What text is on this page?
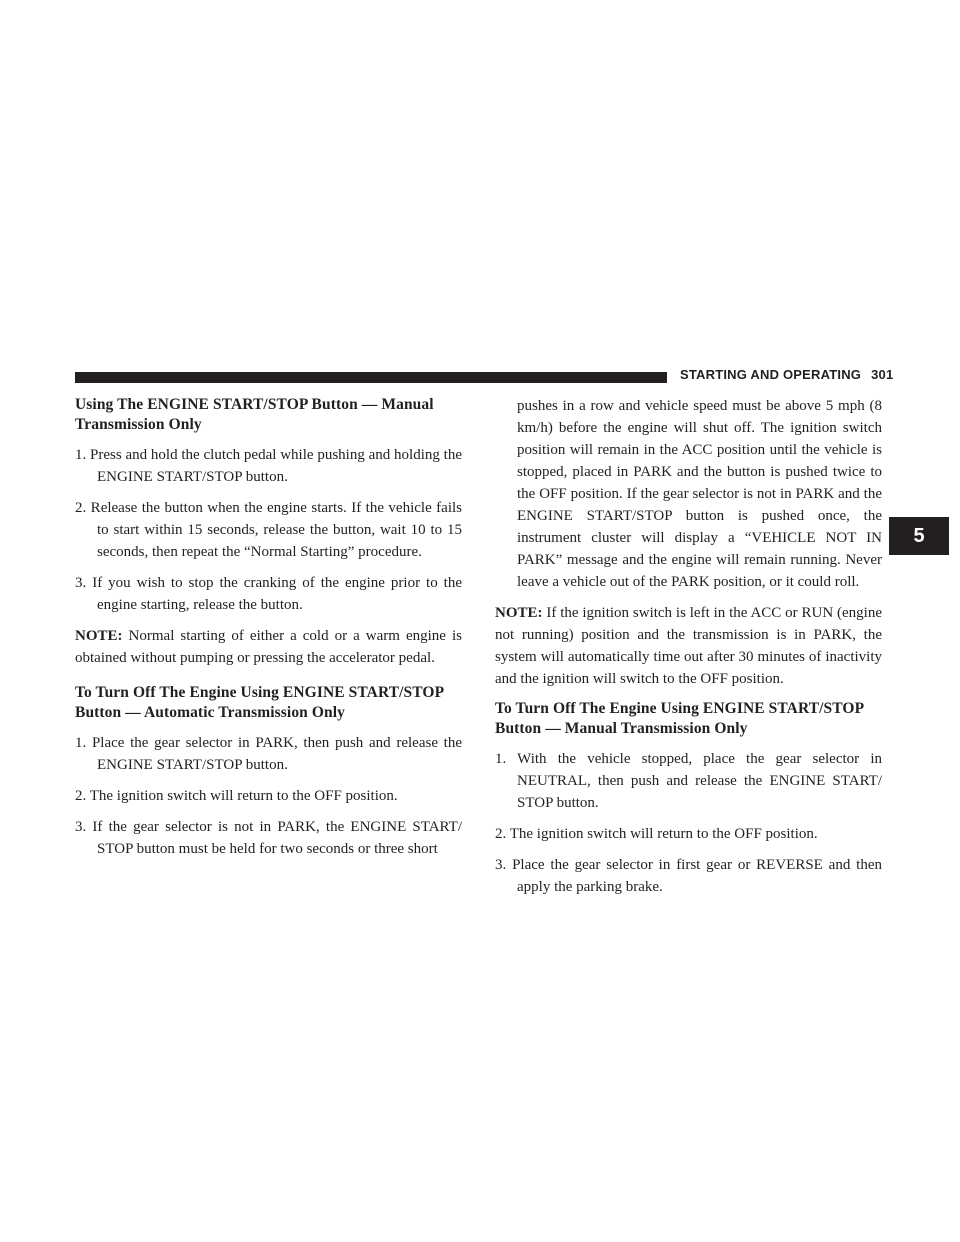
STARTING AND OPERATING 301
5
Using The ENGINE START/STOP Button — Manual Transmission Only

1. Press and hold the clutch pedal while pushing and holding the ENGINE START/STOP button.

2. Release the button when the engine starts. If the vehicle fails to start within 15 seconds, release the button, wait 10 to 15 seconds, then repeat the “Normal Starting” procedure.

3. If you wish to stop the cranking of the engine prior to the engine starting, release the button.

NOTE: Normal starting of either a cold or a warm engine is obtained without pumping or pressing the accelerator pedal.

To Turn Off The Engine Using ENGINE START/STOP Button — Automatic Transmission Only

1. Place the gear selector in PARK, then push and release the ENGINE START/STOP button.

2. The ignition switch will return to the OFF position.

3. If the gear selector is not in PARK, the ENGINE START/ STOP button must be held for two seconds or three short

pushes in a row and vehicle speed must be above 5 mph (8 km/h) before the engine will shut off. The ignition switch position will remain in the ACC position until the vehicle is stopped, placed in PARK and the button is pushed twice to the OFF position. If the gear selector is not in PARK and the ENGINE START/STOP button is pushed once, the instrument cluster will display a “VEHICLE NOT IN PARK” message and the engine will remain running. Never leave a vehicle out of the PARK position, or it could roll.

NOTE: If the ignition switch is left in the ACC or RUN (engine not running) position and the transmission is in PARK, the system will automatically time out after 30 minutes of inactivity and the ignition will switch to the OFF position.

To Turn Off The Engine Using ENGINE START/STOP Button — Manual Transmission Only

1. With the vehicle stopped, place the gear selector in NEUTRAL, then push and release the ENGINE START/ STOP button.

2. The ignition switch will return to the OFF position.

3. Place the gear selector in first gear or REVERSE and then apply the parking brake.
